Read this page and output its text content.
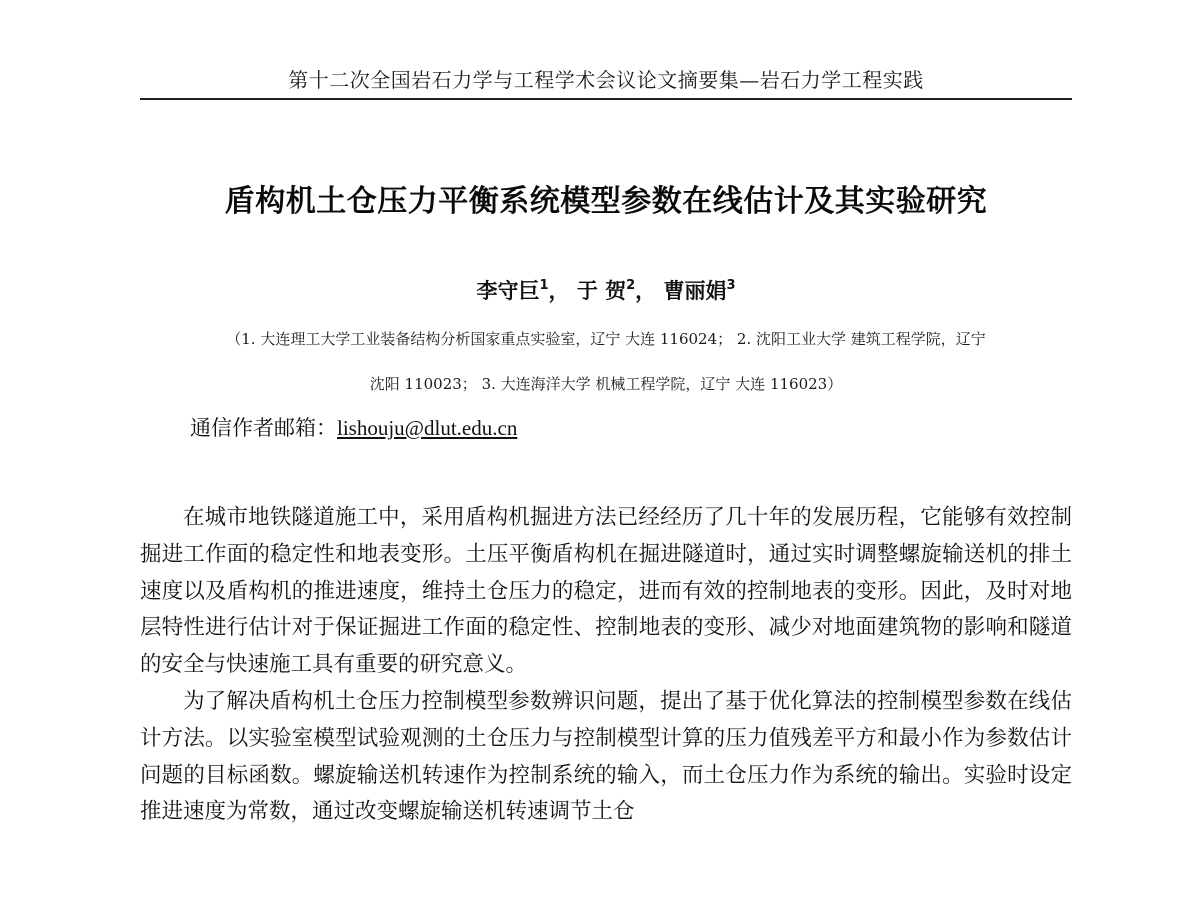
第十二次全国岩石力学与工程学术会议论文摘要集—岩石力学工程实践
盾构机土仓压力平衡系统模型参数在线估计及其实验研究
李守巨$^1$， 于 贺$^2$， 曹丽娟$^3$
（1. 大连理工大学工业装备结构分析国家重点实验室，辽宁 大连 116024； 2. 沈阳工业大学 建筑工程学院，辽宁
沈阳 110023； 3. 大连海洋大学 机械工程学院，辽宁 大连 116023）
通信作者邮箱：lishouju@dlut.edu.cn

在城市地铁隧道施工中，采用盾构机掘进方法已经经历了几十年的发展历程，它能够有效控制掘进工作面的稳定性和地表变形。土压平衡盾构机在掘进隧道时，通过实时调整螺旋输送机的排土速度以及盾构机的推进速度，维持土仓压力的稳定，进而有效的控制地表的变形。因此，及时对地层特性进行估计对于保证掘进工作面的稳定性、控制地表的变形、减少对地面建筑物的影响和隧道的安全与快速施工具有重要的研究意义。

为了解决盾构机土仓压力控制模型参数辨识问题，提出了基于优化算法的控制模型参数在线估计方法。以实验室模型试验观测的土仓压力与控制模型计算的压力值残差平方和最小作为参数估计问题的目标函数。螺旋输送机转速作为控制系统的输入，而土仓压力作为系统的输出。实验时设定推进速度为常数，通过改变螺旋输送机转速调节土仓
